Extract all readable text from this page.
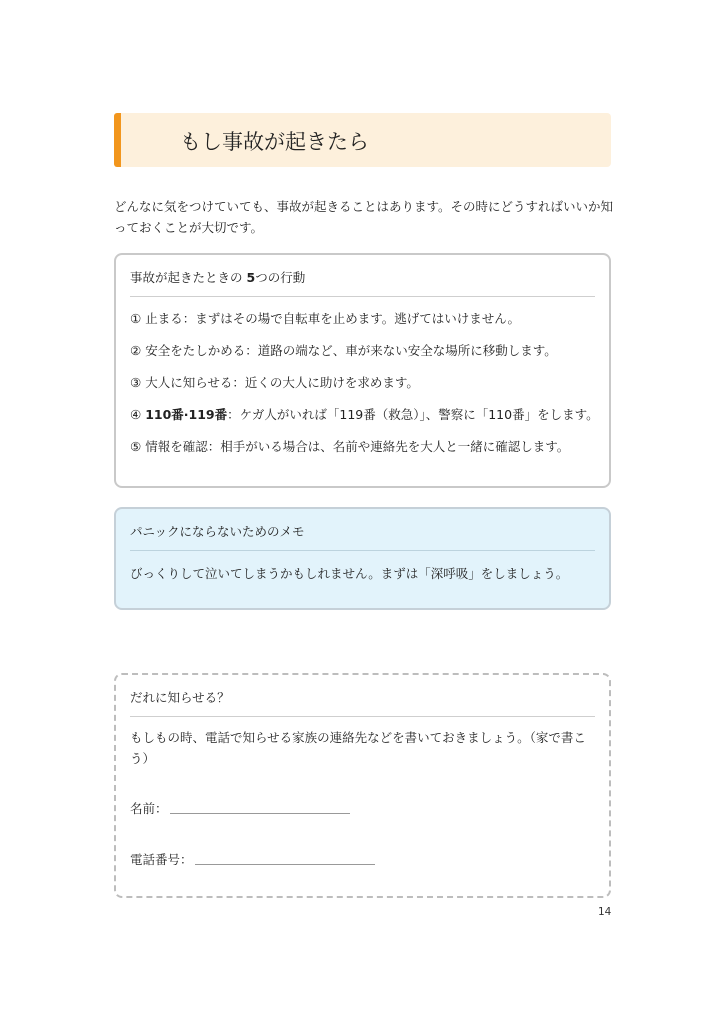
もし事故が起きたら
どんなに気をつけていても、事故が起きることはあります。その時にどうすればいいか知っておくことが大切です。
事故が起きたときの 5つの行動
① 止まる：まずはその場で自転車を止めます。逃げてはいけません。
② 安全をたしかめる：道路の端など、車が来ない安全な場所に移動します。
③ 大人に知らせる：近くの大人に助けを求めます。
④ 110番·119番：ケガ人がいれば「119番（救急）」、警察に「110番」をします。
⑤ 情報を確認：相手がいる場合は、名前や連絡先を大人と一緒に確認します。
パニックにならないためのメモ
びっくりして泣いてしまうかもしれません。まずは「深呼吸」をしましょう。
だれに知らせる？
もしもの時、電話で知らせる家族の連絡先などを書いておきましょう。（家で書こう）
名前：
電話番号：
14
